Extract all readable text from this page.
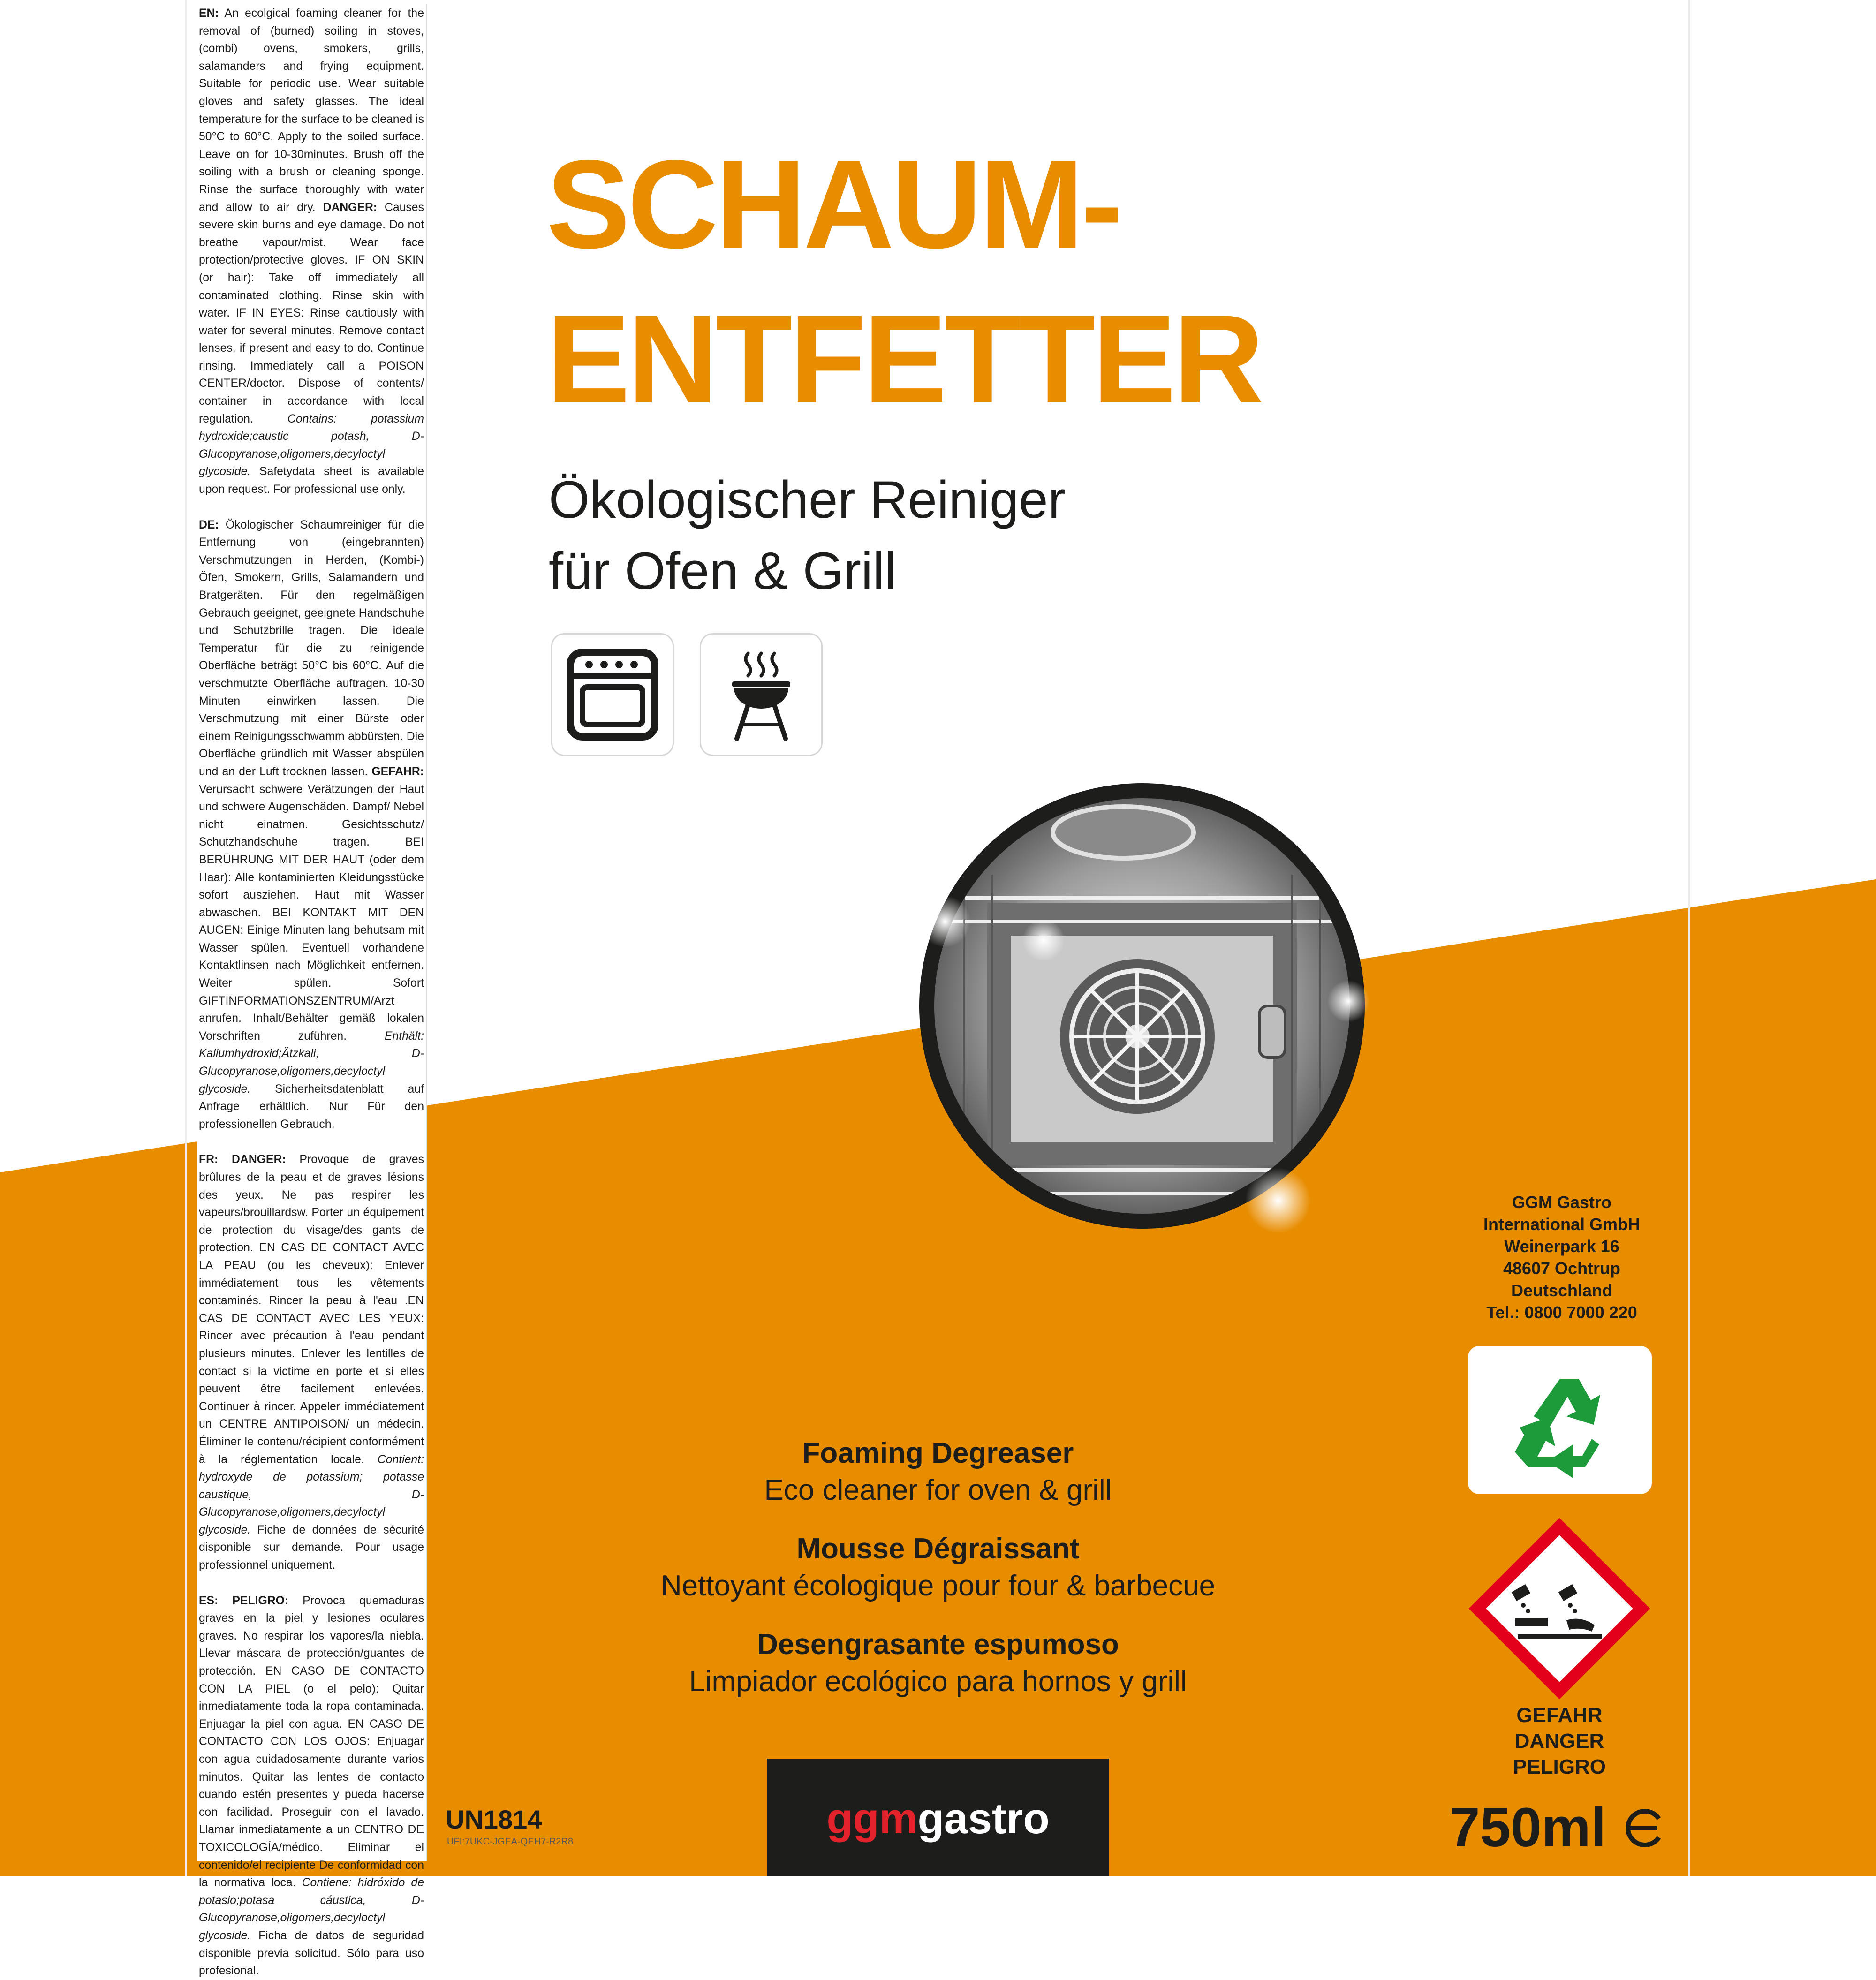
EN: An ecolgical foaming cleaner for the removal of (burned) soiling in stoves, (combi) ovens, smokers, grills, salamanders and frying equipment. Suitable for periodic use. Wear suitable gloves and safety glasses. The ideal temperature for the surface to be cleaned is 50°C to 60°C. Apply to the soiled surface. Leave on for 10-30minutes. Brush off the soiling with a brush or cleaning sponge. Rinse the surface thoroughly with water and allow to air dry. DANGER: Causes severe skin burns and eye damage. Do not breathe vapour/mist. Wear face protection/protective gloves. IF ON SKIN (or hair): Take off immediately all contaminated clothing. Rinse skin with water. IF IN EYES: Rinse cautiously with water for several minutes. Remove contact lenses, if present and easy to do. Continue rinsing. Immediately call a POISON CENTER/doctor. Dispose of contents/ container in accordance with local regulation. Contains: potassium hydroxide;caustic potash, D-Glucopyranose,oligomers,decyloctyl glycoside. Safetydata sheet is available upon request. For professional use only.

DE: Ökologischer Schaumreiniger für die Entfernung von (eingebrannten) Verschmutzungen in Herden, (Kombi-) Öfen, Smokern, Grills, Salamandern und Bratgeräten. Für den regelmäßigen Gebrauch geeignet, geeignete Handschuhe und Schutzbrille tragen. Die ideale Temperatur für die zu reinigende Oberfläche beträgt 50°C bis 60°C. Auf die verschmutzte Oberfläche auftragen. 10-30 Minuten einwirken lassen. Die Verschmutzung mit einer Bürste oder einem Reinigungsschwamm abbürsten. Die Oberfläche gründlich mit Wasser abspülen und an der Luft trocknen lassen. GEFAHR: Verursacht schwere Verätzungen der Haut und schwere Augenschäden. Dampf/ Nebel nicht einatmen. Gesichtsschutz/ Schutzhandschuhe tragen. BEI BERÜHRUNG MIT DER HAUT (oder dem Haar): Alle kontaminierten Kleidungsstücke sofort ausziehen. Haut mit Wasser abwaschen. BEI KONTAKT MIT DEN AUGEN: Einige Minuten lang behutsam mit Wasser spülen. Eventuell vorhandene Kontaktlinsen nach Möglichkeit entfernen. Weiter spülen. Sofort GIFTINFORMATIONSZENTRUM/Arzt anrufen. Inhalt/Behälter gemäß lokalen Vorschriften zuführen. Enthält: Kaliumhydroxid;Ätzkali, D-Glucopyranose,oligomers,decyloctyl glycoside. Sicherheitsdatenblatt auf Anfrage erhältlich. Nur Für den professionellen Gebrauch.

FR: DANGER: Provoque de graves brûlures de la peau et de graves lésions des yeux. Ne pas respirer les vapeurs/brouillardsw. Porter un équipement de protection du visage/des gants de protection. EN CAS DE CONTACT AVEC LA PEAU (ou les cheveux): Enlever immédiatement tous les vêtements contaminés. Rincer la peau à l'eau .EN CAS DE CONTACT AVEC LES YEUX: Rincer avec précaution à l'eau pendant plusieurs minutes. Enlever les lentilles de contact si la victime en porte et si elles peuvent être facilement enlevées. Continuer à rincer. Appeler immédiatement un CENTRE ANTIPOISON/ un médecin. Éliminer le contenu/récipient conformément à la réglementation locale. Contient: hydroxyde de potassium; potasse caustique, D-Glucopyranose,oligomers,decyloctyl glycoside. Fiche de données de sécurité disponible sur demande. Pour usage professionnel uniquement.

ES: PELIGRO: Provoca quemaduras graves en la piel y lesiones oculares graves. No respirar los vapores/la niebla. Llevar máscara de protección/guantes de protección. EN CASO DE CONTACTO CON LA PIEL (o el pelo): Quitar inmediatamente toda la ropa contaminada. Enjuagar la piel con agua. EN CASO DE CONTACTO CON LOS OJOS: Enjuagar con agua cuidadosamente durante varios minutos. Quitar las lentes de contacto cuando estén presentes y pueda hacerse con facilidad. Proseguir con el lavado. Llamar inmediatamente a un CENTRO DE TOXICOLOGÍA/médico. Eliminar el contenido/el recipiente De conformidad con la normativa loca. Contiene: hidróxido de potasio;potasa cáustica, D-Glucopyranose,oligomers,decyloctyl glycoside. Ficha de datos de seguridad disponible previa solicitud. Sólo para uso profesional.

SCHAUM-
ENTFETTER
Ökologischer Reiniger
für Ofen & Grill
GGM Gastro
International GmbH
Weinerpark 16
48607 Ochtrup
Deutschland
Tel.: 0800 7000 220
GEFAHR
DANGER
PELIGRO
Foaming Degreaser
Eco cleaner for oven & grill
Mousse Dégraissant
Nettoyant écologique pour four & barbecue
Desengrasante espumoso
Limpiador ecológico para hornos y grill
UN1814
UFI:7UKC-JGEA-QEH7-R2R8	ggmgastro	750ml
